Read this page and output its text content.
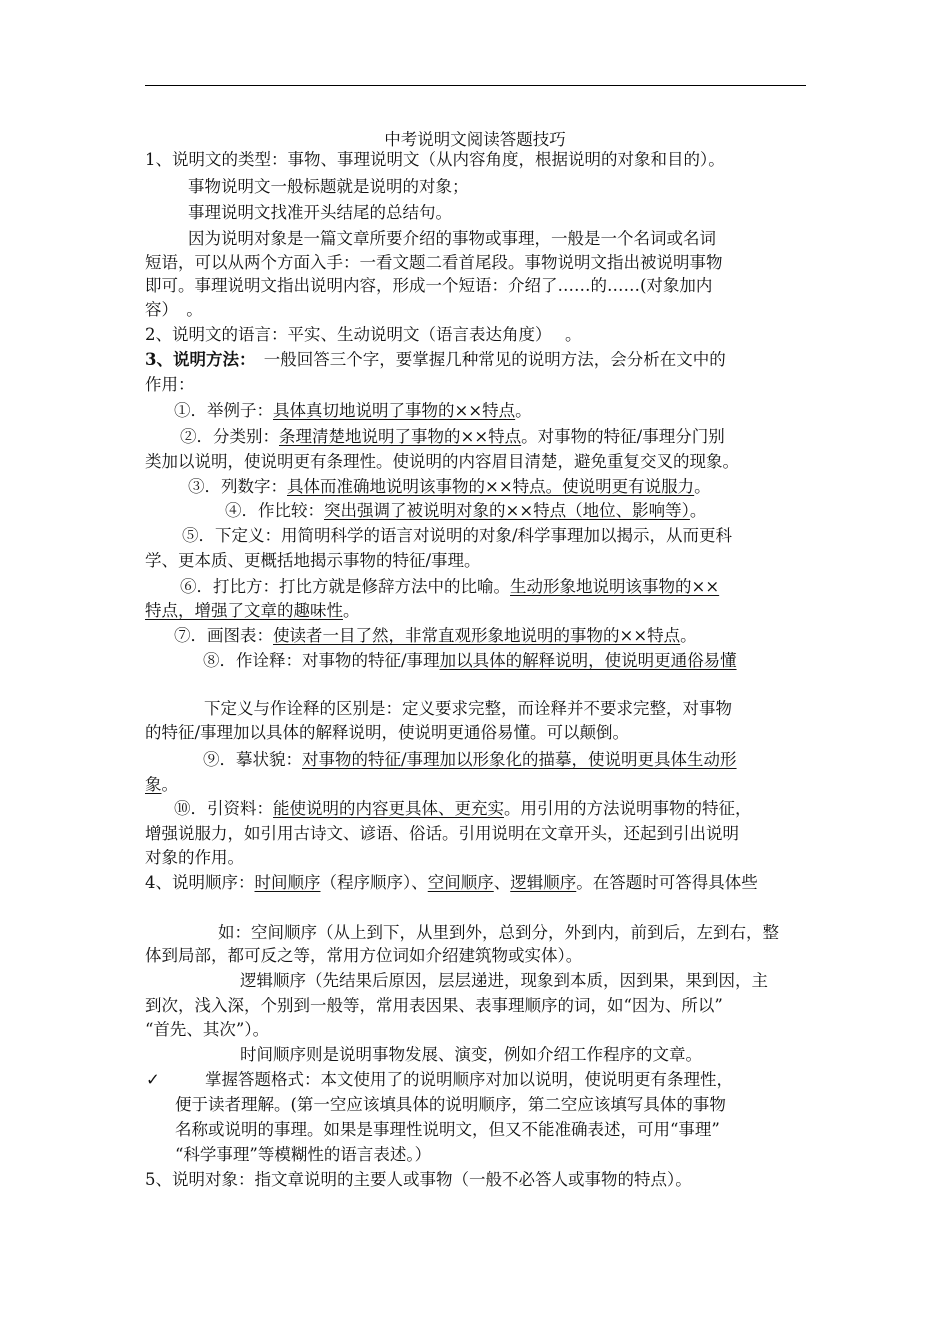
中考说明文阅读答题技巧
1、说明文的类型：事物、事理说明文（从内容角度，根据说明的对象和目的）。
事物说明文一般标题就是说明的对象；
事理说明文找准开头结尾的总结句。
因为说明对象是一篇文章所要介绍的事物或事理，一般是一个名词或名词
短语，可以从两个方面入手：一看文题二看首尾段。事物说明文指出被说明事物
即可。事理说明文指出说明内容，形成一个短语：介绍了……的……(对象加内
容）　。
2、说明文的语言：平实、生动说明文（语言表达角度）　 。
3、说明方法：　一般回答三个字，要掌握几种常见的说明方法，会分析在文中的
作用：
①．举例子：具体真切地说明了事物的××特点。
②．分类别：条理清楚地说明了事物的××特点。对事物的特征/事理分门别
类加以说明，使说明更有条理性。使说明的内容眉目清楚，避免重复交叉的现象。
③．列数字：具体而准确地说明该事物的××特点。使说明更有说服力。
④．作比较：突出强调了被说明对象的××特点（地位、影响等）。
⑤．下定义：用简明科学的语言对说明的对象/科学事理加以揭示，从而更科
学、更本质、更概括地揭示事物的特征/事理。
⑥．打比方：打比方就是修辞方法中的比喻。生动形象地说明该事物的××
特点，增强了文章的趣味性。
⑦．画图表：使读者一目了然，非常直观形象地说明的事物的××特点。
⑧．作诠释：对事物的特征/事理加以具体的解释说明，使说明更通俗易懂
下定义与作诠释的区别是：定义要求完整，而诠释并不要求完整，对事物
的特征/事理加以具体的解释说明，使说明更通俗易懂。可以颠倒。
⑨．摹状貌：对事物的特征/事理加以形象化的描摹，使说明更具体生动形
象。
⑩．引资料：能使说明的内容更具体、更充实。用引用的方法说明事物的特征，
增强说服力，如引用古诗文、谚语、俗话。引用说明在文章开头，还起到引出说明
对象的作用。
4、说明顺序：时间顺序（程序顺序）、空间顺序、逻辑顺序。在答题时可答得具体些
如：空间顺序（从上到下，从里到外，总到分，外到内，前到后，左到右，整
体到局部，都可反之等，常用方位词如介绍建筑物或实体）。
逻辑顺序（先结果后原因，层层递进，现象到本质，因到果，果到因，主
到次，浅入深，个别到一般等，常用表因果、表事理顺序的词，如“因为、所以”
“首先、其次”）。
时间顺序则是说明事物发展、演变，例如介绍工作程序的文章。
✓	掌握答题格式：本文使用了的说明顺序对加以说明，使说明更有条理性，
便于读者理解。(第一空应该填具体的说明顺序，第二空应该填写具体的事物
名称或说明的事理。如果是事理性说明文，但又不能准确表述，可用“事理”
“科学事理”等模糊性的语言表述。）
5、说明对象：指文章说明的主要人或事物（一般不必答人或事物的特点）。
